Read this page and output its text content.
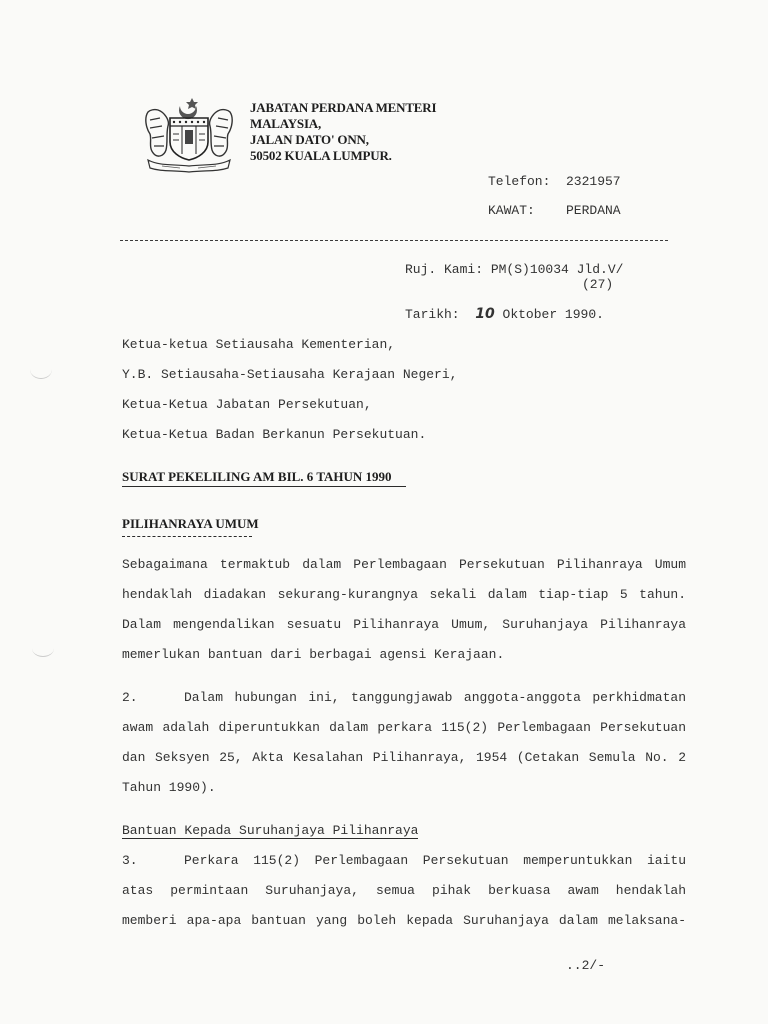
JABATAN PERDANA MENTERI
MALAYSIA,
JALAN DATO' ONN,
50502 KUALA LUMPUR.
Telefon: 2321957
KAWAT: PERDANA
Ruj. Kami: PM(S)10034 Jld.V/
(27)
Tarikh: 10 Oktober 1990.
Ketua-ketua Setiausaha Kementerian,
Y.B. Setiausaha-Setiausaha Kerajaan Negeri,
Ketua-Ketua Jabatan Persekutuan,
Ketua-Ketua Badan Berkanun Persekutuan.
SURAT PEKELILING AM BIL. 6 TAHUN 1990
PILIHANRAYA UMUM
Sebagaimana termaktub dalam Perlembagaan Persekutuan Pilihanraya Umum
hendaklah diadakan sekurang-kurangnya sekali dalam tiap-tiap 5 tahun.
Dalam mengendalikan sesuatu Pilihanraya Umum, Suruhanjaya Pilihanraya
memerlukan bantuan dari berbagai agensi Kerajaan.
2.	Dalam hubungan ini, tanggungjawab anggota-anggota perkhidmatan
awam adalah diperuntukkan dalam perkara 115(2) Perlembagaan Persekutuan
dan Seksyen 25, Akta Kesalahan Pilihanraya, 1954 (Cetakan Semula No. 2
Tahun 1990).
Bantuan Kepada Suruhanjaya Pilihanraya
3.	Perkara 115(2) Perlembagaan Persekutuan memperuntukkan iaitu
atas permintaan Suruhanjaya, semua pihak berkuasa awam hendaklah
memberi apa-apa bantuan yang boleh kepada Suruhanjaya dalam melaksana-
..2/-
